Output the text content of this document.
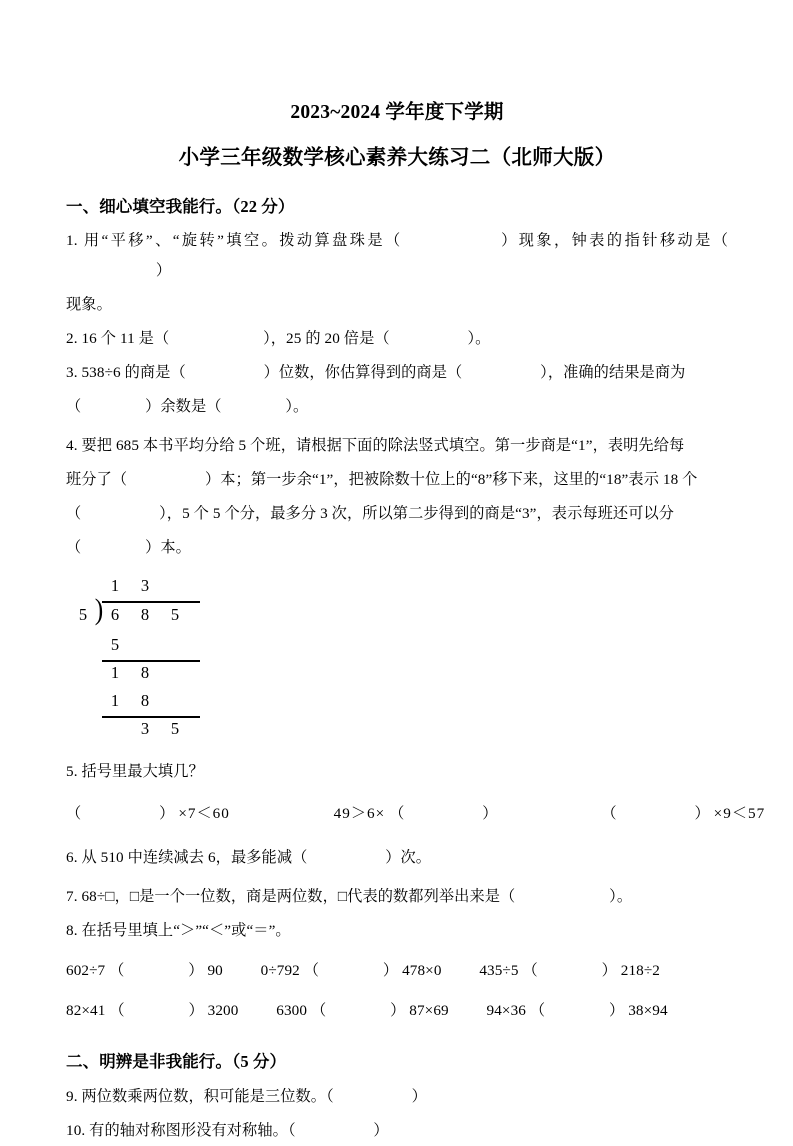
2023~2024 学年度下学期
小学三年级数学核心素养大练习二（北师大版）
一、细心填空我能行。（22 分）
1. 用“平移”、“旋转”填空。拨动算盘珠是（	）现象，钟表的指针移动是（  ）
现象。
2. 16 个 11 是（	），25 的 20 倍是（	）。
3. 538÷6 的商是（	）位数，你估算得到的商是（	），准确的结果是商为
（	）余数是（	）。
4. 要把 685 本书平均分给 5 个班，请根据下面的除法竖式填空。第一步商是“1”，表明先给每
班分了（	）本；第一步余“1”，把被除数十位上的“8”移下来，这里的“18”表示 18 个
（	），5 个 5 个分，最多分 3 次，所以第二步得到的商是“3”，表示每班还可以分
（	）本。
1 3
5 ) 6 8 5
5
1 8
1 8
3 5
5. 括号里最大填几？
（	） ×7＜60	49＞6× （	）	（	） ×9＜57
6. 从 510 中连续减去 6，最多能减（	）次。
7. 68÷□，□是一个一位数，商是两位数，□代表的数都列举出来是（	）。
8. 在括号里填上“＞”“＜”或“＝”。
602÷7 （	） 90 0÷792 （	） 478×0 435÷5 （	） 218÷2
82×41 （	） 3200 6300 （	） 87×69 94×36 （	） 38×94
二、明辨是非我能行。（5 分）
9. 两位数乘两位数，积可能是三位数。（	）
10. 有的轴对称图形没有对称轴。（	）
